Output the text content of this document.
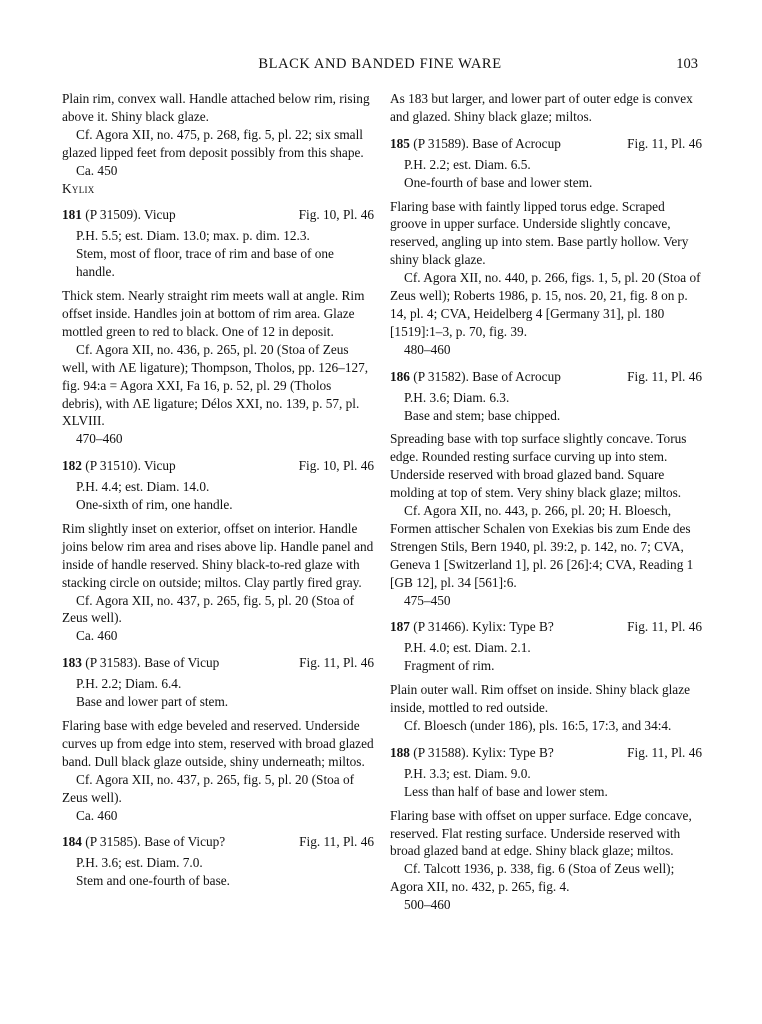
BLACK AND BANDED FINE WARE	103

Plain rim, convex wall. Handle attached below rim, rising above it. Shiny black glaze.

Cf. Agora XII, no. 475, p. 268, fig. 5, pl. 22; six small glazed lipped feet from deposit possibly from this shape.

Ca. 450

Kylix

181 (P 31509). Vicup	Fig. 10, Pl. 46

P.H. 5.5; est. Diam. 13.0; max. p. dim. 12.3.

Stem, most of floor, trace of rim and base of one handle.

Thick stem. Nearly straight rim meets wall at angle. Rim offset inside. Handles join at bottom of rim area. Glaze mottled green to red to black. One of 12 in deposit.

Cf. Agora XII, no. 436, p. 265, pl. 20 (Stoa of Zeus well, with ΛΕ ligature); Thompson, Tholos, pp. 126–127, fig. 94:a = Agora XXI, Fa 16, p. 52, pl. 29 (Tholos debris), with ΛΕ ligature; Délos XXI, no. 139, p. 57, pl. XLVIII.

470–460

182 (P 31510). Vicup	Fig. 10, Pl. 46

P.H. 4.4; est. Diam. 14.0.

One-sixth of rim, one handle.

Rim slightly inset on exterior, offset on interior. Handle joins below rim area and rises above lip. Handle panel and inside of handle reserved. Shiny black-to-red glaze with stacking circle on outside; miltos. Clay partly fired gray.

Cf. Agora XII, no. 437, p. 265, fig. 5, pl. 20 (Stoa of Zeus well).

Ca. 460

183 (P 31583). Base of Vicup	Fig. 11, Pl. 46

P.H. 2.2; Diam. 6.4.

Base and lower part of stem.

Flaring base with edge beveled and reserved. Underside curves up from edge into stem, reserved with broad glazed band. Dull black glaze outside, shiny underneath; miltos.

Cf. Agora XII, no. 437, p. 265, fig. 5, pl. 20 (Stoa of Zeus well).

Ca. 460

184 (P 31585). Base of Vicup?	Fig. 11, Pl. 46

P.H. 3.6; est. Diam. 7.0.

Stem and one-fourth of base.

As 183 but larger, and lower part of outer edge is convex and glazed. Shiny black glaze; miltos.

185 (P 31589). Base of Acrocup	Fig. 11, Pl. 46

P.H. 2.2; est. Diam. 6.5.

One-fourth of base and lower stem.

Flaring base with faintly lipped torus edge. Scraped groove in upper surface. Underside slightly concave, reserved, angling up into stem. Base partly hollow. Very shiny black glaze.

Cf. Agora XII, no. 440, p. 266, figs. 1, 5, pl. 20 (Stoa of Zeus well); Roberts 1986, p. 15, nos. 20, 21, fig. 8 on p. 14, pl. 4; CVA, Heidelberg 4 [Germany 31], pl. 180 [1519]:1–3, p. 70, fig. 39.

480–460

186 (P 31582). Base of Acrocup	Fig. 11, Pl. 46

P.H. 3.6; Diam. 6.3.

Base and stem; base chipped.

Spreading base with top surface slightly concave. Torus edge. Rounded resting surface curving up into stem. Underside reserved with broad glazed band. Square molding at top of stem. Very shiny black glaze; miltos.

Cf. Agora XII, no. 443, p. 266, pl. 20; H. Bloesch, Formen attischer Schalen von Exekias bis zum Ende des Strengen Stils, Bern 1940, pl. 39:2, p. 142, no. 7; CVA, Geneva 1 [Switzerland 1], pl. 26 [26]:4; CVA, Reading 1 [GB 12], pl. 34 [561]:6.

475–450

187 (P 31466). Kylix: Type B?	Fig. 11, Pl. 46

P.H. 4.0; est. Diam. 2.1.

Fragment of rim.

Plain outer wall. Rim offset on inside. Shiny black glaze inside, mottled to red outside.

Cf. Bloesch (under 186), pls. 16:5, 17:3, and 34:4.

188 (P 31588). Kylix: Type B?	Fig. 11, Pl. 46

P.H. 3.3; est. Diam. 9.0.

Less than half of base and lower stem.

Flaring base with offset on upper surface. Edge concave, reserved. Flat resting surface. Underside reserved with broad glazed band at edge. Shiny black glaze; miltos.

Cf. Talcott 1936, p. 338, fig. 6 (Stoa of Zeus well); Agora XII, no. 432, p. 265, fig. 4.

500–460
